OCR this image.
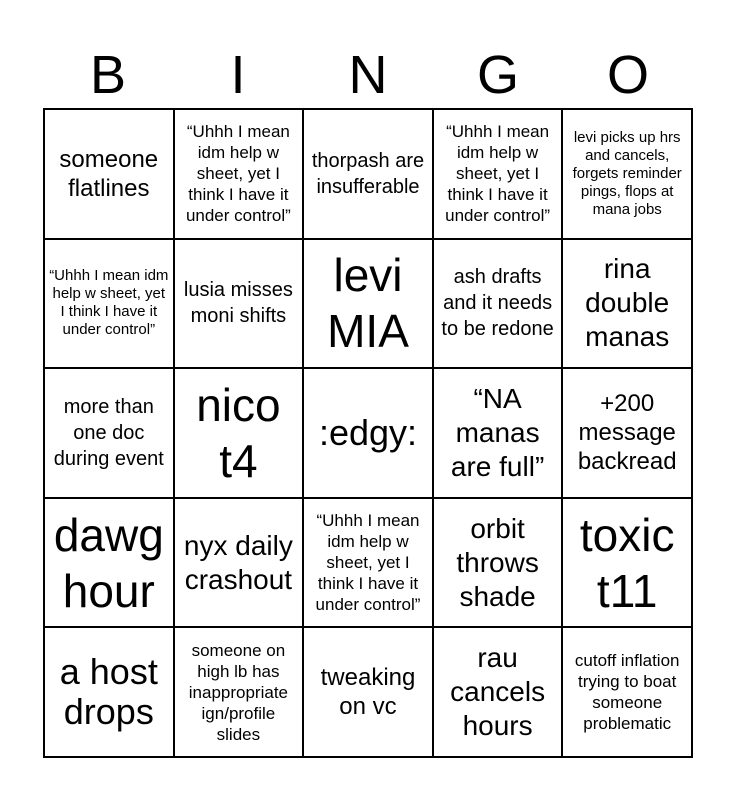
B	I	N	G	O
someone flatlines
“Uhhh I mean idm help w sheet, yet I think I have it under control”
thorpash are insufferable
“Uhhh I mean idm help w sheet, yet I think I have it under control”
levi picks up hrs and cancels, forgets reminder pings, flops at mana jobs
“Uhhh I mean idm help w sheet, yet I think I have it under control”
lusia misses moni shifts
levi MIA
ash drafts and it needs to be redone
rina double manas
more than one doc during event
nico t4
:edgy:
“NA manas are full”
+200 message backread
dawg hour
nyx daily crashout
“Uhhh I mean idm help w sheet, yet I think I have it under control”
orbit throws shade
toxic t11
a host drops
someone on high lb has inappropriate ign/profile slides
tweaking on vc
rau cancels hours
cutoff inflation trying to boat someone problematic
